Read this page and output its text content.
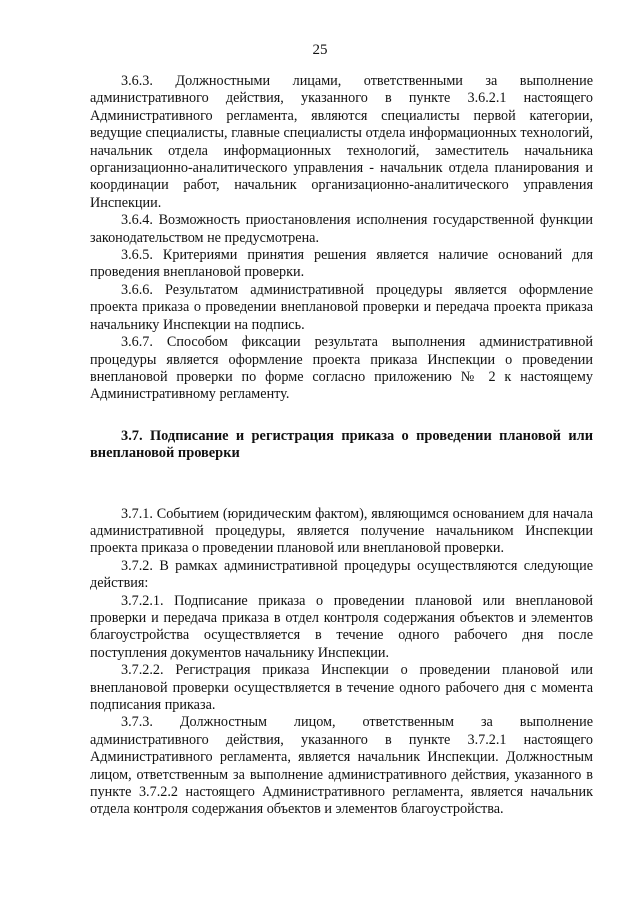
25

3.6.3. Должностными лицами, ответственными за выполнение административного действия, указанного в пункте 3.6.2.1 настоящего Административного регламента, являются специалисты первой категории, ведущие специалисты, главные специалисты отдела информационных технологий, начальник отдела информационных технологий, заместитель начальника организационно-аналитического управления - начальник отдела планирования и координации работ, начальник организационно-аналитического управления Инспекции.

3.6.4. Возможность приостановления исполнения государственной функции законодательством не предусмотрена.

3.6.5. Критериями принятия решения является наличие оснований для проведения внеплановой проверки.

3.6.6. Результатом административной процедуры является оформление проекта приказа о проведении внеплановой проверки и передача проекта приказа начальнику Инспекции на подпись.

3.6.7. Способом фиксации результата выполнения административной процедуры является оформление проекта приказа Инспекции о проведении внеплановой проверки по форме согласно приложению № 2 к настоящему Административному регламенту.

3.7. Подписание и регистрация приказа о проведении плановой или внеплановой проверки

3.7.1. Событием (юридическим фактом), являющимся основанием для начала административной процедуры, является получение начальником Инспекции проекта приказа о проведении плановой или внеплановой проверки.

3.7.2. В рамках административной процедуры осуществляются следующие действия:

3.7.2.1. Подписание приказа о проведении плановой или внеплановой проверки и передача приказа в отдел контроля содержания объектов и элементов благоустройства осуществляется в течение одного рабочего дня после поступления документов начальнику Инспекции.

3.7.2.2. Регистрация приказа Инспекции о проведении плановой или внеплановой проверки осуществляется в течение одного рабочего дня с момента подписания приказа.

3.7.3. Должностным лицом, ответственным за выполнение административного действия, указанного в пункте 3.7.2.1 настоящего Административного регламента, является начальник Инспекции. Должностным лицом, ответственным за выполнение административного действия, указанного в пункте 3.7.2.2 настоящего Административного регламента, является начальник отдела контроля содержания объектов и элементов благоустройства.
